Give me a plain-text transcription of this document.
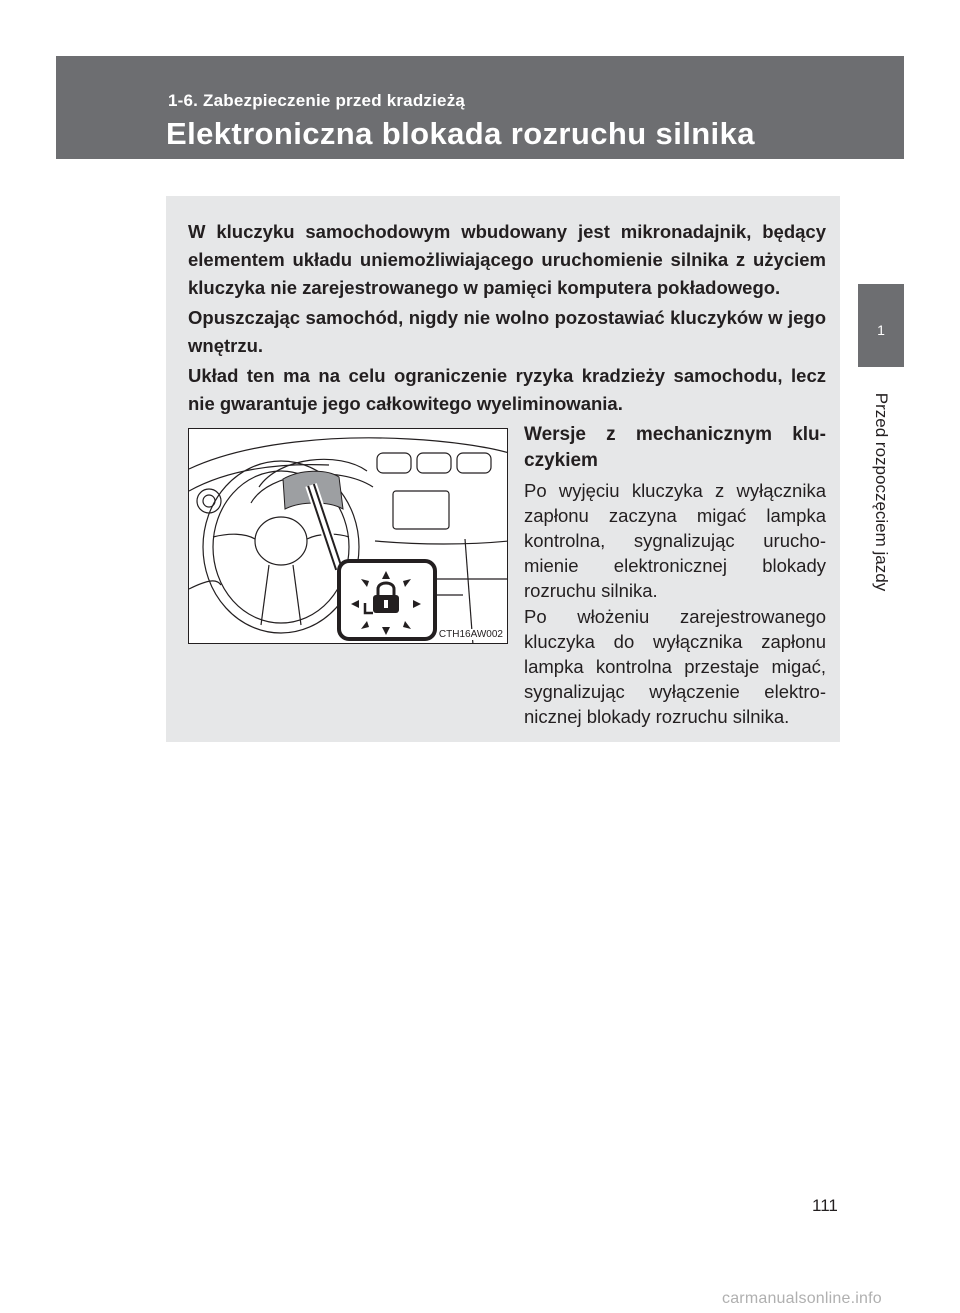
1-6. Zabezpieczenie przed kradzieżą
Elektroniczna blokada rozruchu silnika
1
Przed rozpoczęciem jazdy

W kluczyku samochodowym wbudowany jest mikronadajnik, będący elementem układu uniemożliwiającego uruchomienie silnika z użyciem kluczyka nie zarejestrowanego w pamięci komputera pokładowego.

Opuszczając samochód, nigdy nie wolno pozostawiać kluczyków w jego wnętrzu.

Układ ten ma na celu ograniczenie ryzyka kradzieży samochodu, lecz nie gwarantuje jego całkowitego wyeliminowania.

CTH16AW002

Wersje z mechanicznym klu-czykiem

Po wyjęciu kluczyka z wyłącznika zapłonu zaczyna migać lampka kontrolna, sygnalizując urucho-mienie elektronicznej blokady rozruchu silnika.

Po włożeniu zarejestrowanego kluczyka do wyłącznika zapłonu lampka kontrolna przestaje migać, sygnalizując wyłączenie elektro-nicznej blokady rozruchu silnika.

111
carmanualsonline.info
